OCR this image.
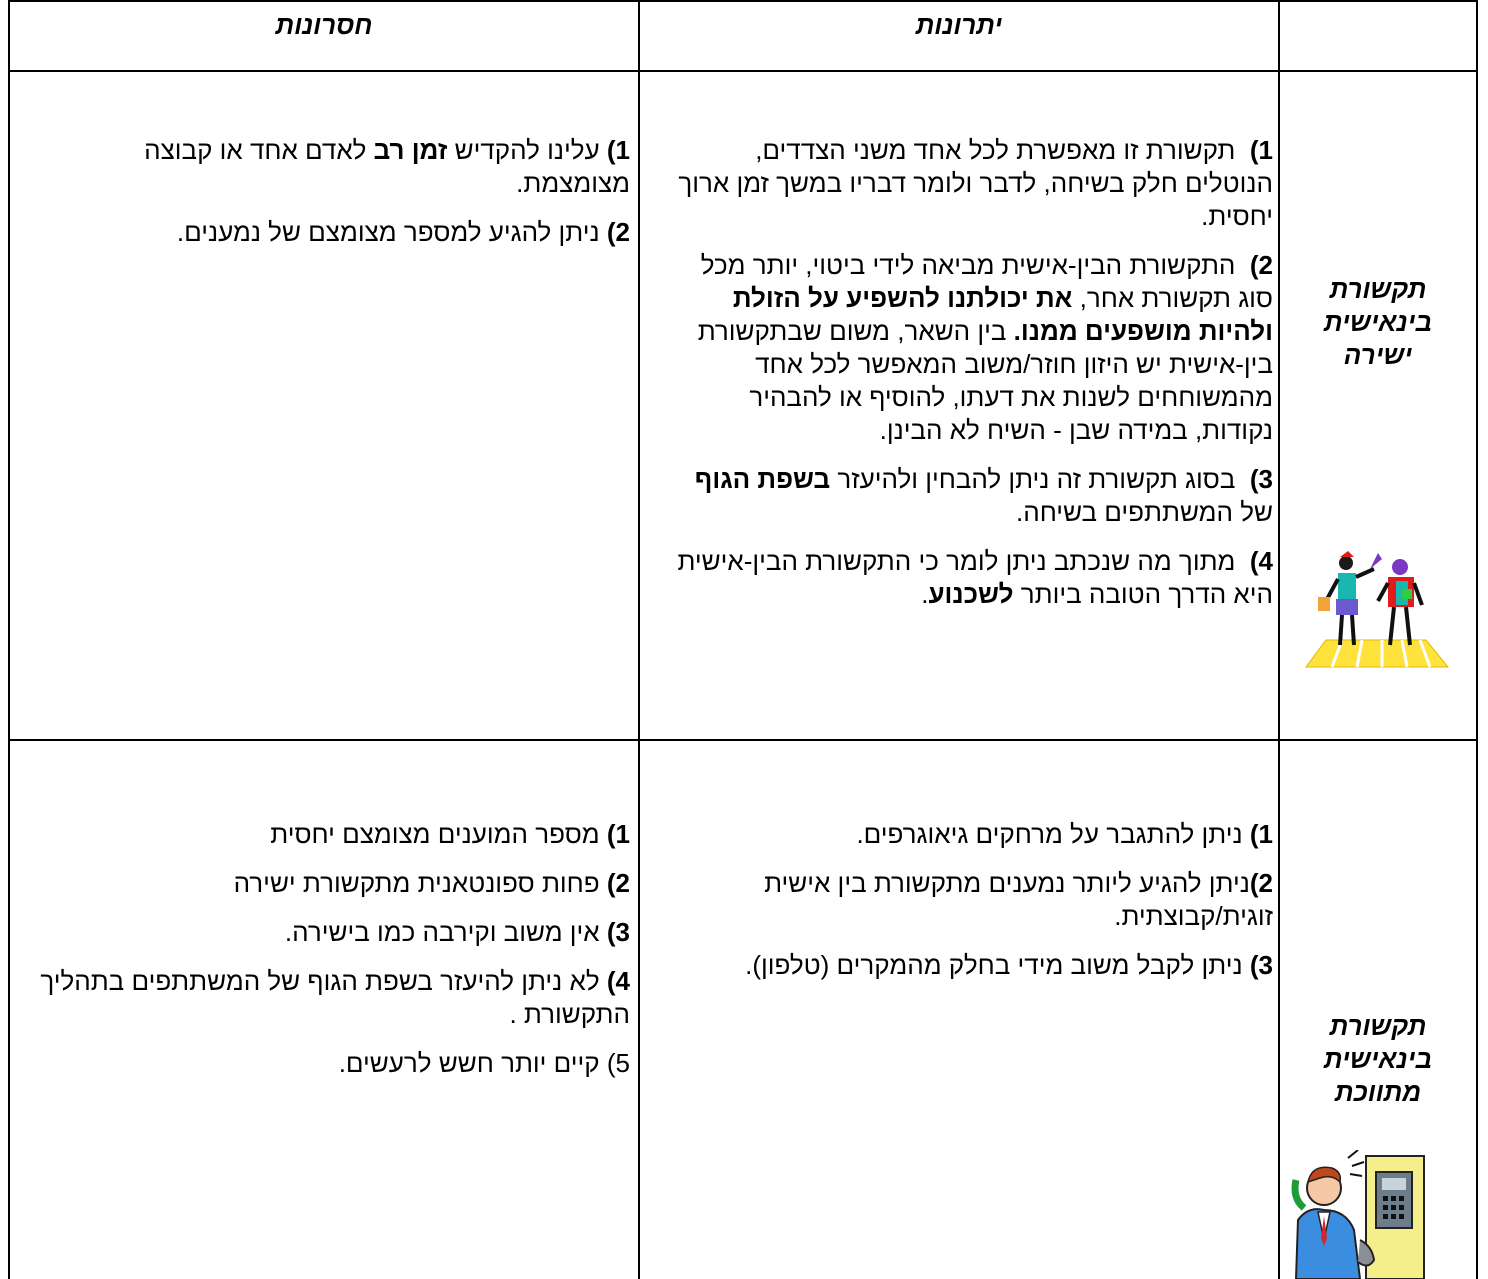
חסרונות	יתרונות
תקשורת
בינאישית
ישירה

1)  תקשורת זו מאפשרת לכל אחד משני הצדדים, הנוטלים חלק בשיחה, לדבר ולומר דבריו במשך זמן ארוך יחסית.

2)  התקשורת הבין-אישית מביאה לידי ביטוי, יותר מכל סוג תקשורת אחר, את יכולתנו להשפיע על הזולת ולהיות מושפעים ממנו. בין השאר, משום שבתקשורת בין-אישית יש היזון חוזר/משוב המאפשר לכל אחד מהמשוחחים לשנות את דעתו, להוסיף או להבהיר נקודות, במידה שבן - השיח לא הבינן.

3)  בסוג תקשורת זה ניתן להבחין ולהיעזר בשפת הגוף של המשתתפים בשיחה.

4)  מתוך מה שנכתב ניתן לומר כי התקשורת הבין-אישית היא הדרך הטובה ביותר לשכנוע.

1) עלינו להקדיש זמן רב לאדם אחד או קבוצה מצומצמת.

2) ניתן להגיע למספר מצומצם של נמענים.

תקשורת
בינאישית
מתווכת

1) ניתן להתגבר על מרחקים גיאוגרפים.

2)ניתן להגיע ליותר נמענים מתקשורת בין אישית זוגית/קבוצתית.

3) ניתן לקבל משוב מידי בחלק מהמקרים (טלפון).

1) מספר המוענים מצומצם יחסית

2) פחות ספונטאנית מתקשורת ישירה

3) אין משוב וקירבה כמו בישירה.

4) לא ניתן להיעזר בשפת הגוף של המשתתפים בתהליך התקשורת .

5) קיים יותר חשש לרעשים.
